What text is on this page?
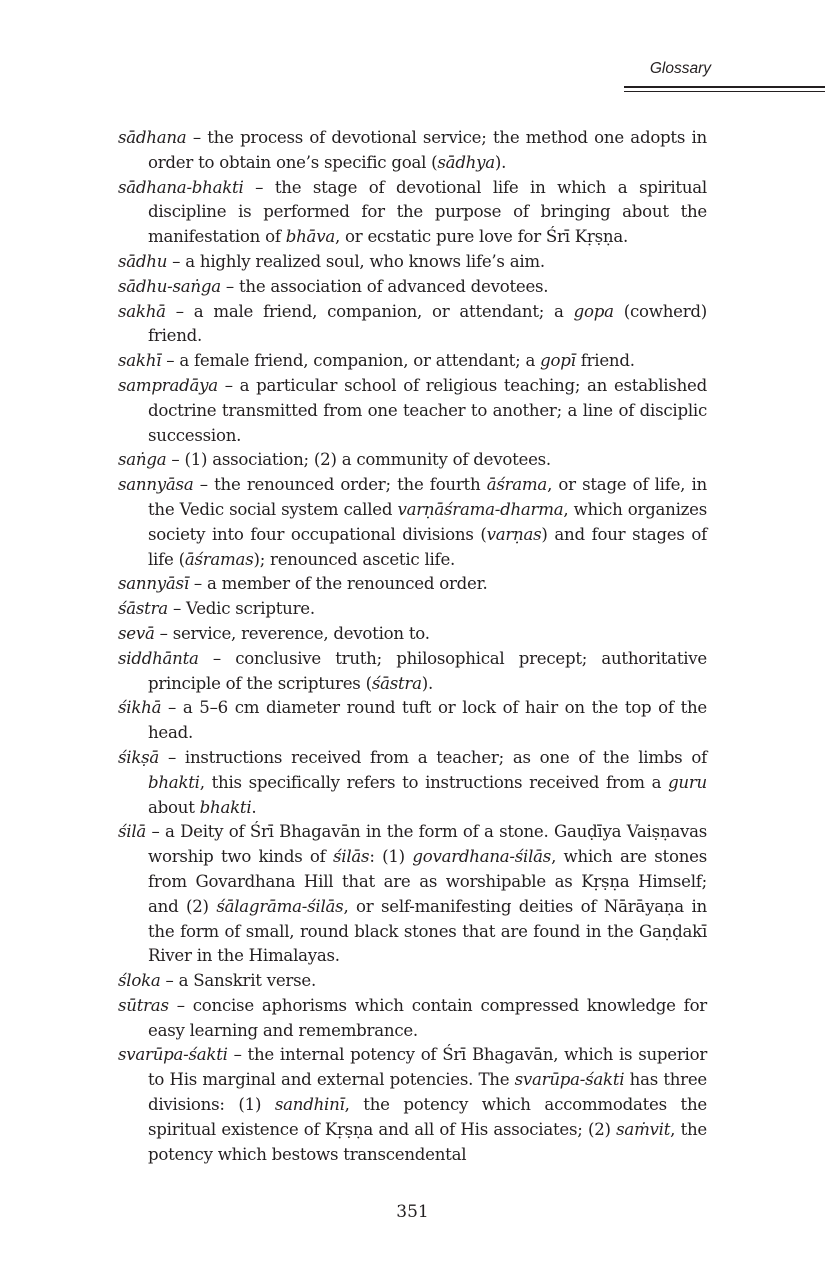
Glossary

sādhana – the process of devotional service; the method one adopts in order to obtain one’s specific goal (sādhya).

sādhana-bhakti – the stage of devotional life in which a spiritual discipline is performed for the purpose of bringing about the manifestation of bhāva, or ecstatic pure love for Śrī Kṛṣṇa.

sādhu – a highly realized soul, who knows life’s aim.

sādhu-saṅga – the association of advanced devotees.

sakhā – a male friend, companion, or attendant; a gopa (cowherd) friend.

sakhī – a female friend, companion, or attendant; a gopī friend.

sampradāya – a particular school of religious teaching; an established doctrine transmitted from one teacher to another; a line of disciplic succession.

saṅga – (1) association; (2) a community of devotees.

sannyāsa – the renounced order; the fourth āśrama, or stage of life, in the Vedic social system called varṇāśrama-dharma, which organizes society into four occupational divisions (varṇas) and four stages of life (āśramas); renounced ascetic life.

sannyāsī – a member of the renounced order.

śāstra – Vedic scripture.

sevā – service, reverence, devotion to.

siddhānta – conclusive truth; philosophical precept; authoritative principle of the scriptures (śāstra).

śikhā – a 5–6 cm diameter round tuft or lock of hair on the top of the head.

śikṣā – instructions received from a teacher; as one of the limbs of bhakti, this specifically refers to instructions received from a guru about bhakti.

śilā – a Deity of Śrī Bhagavān in the form of a stone. Gauḍīya Vaiṣṇavas worship two kinds of śilās: (1) govardhana-śilās, which are stones from Govardhana Hill that are as worshipable as Kṛṣṇa Himself; and (2) śālagrāma-śilās, or self-manifesting deities of Nārāyaṇa in the form of small, round black stones that are found in the Gaṇḍakī River in the Himalayas.

śloka – a Sanskrit verse.

sūtras – concise aphorisms which contain compressed knowledge for easy learning and remembrance.

svarūpa-śakti – the internal potency of Śrī Bhagavān, which is superior to His marginal and external potencies. The svarūpa-śakti has three divisions: (1) sandhinī, the potency which accommodates the spiritual existence of Kṛṣṇa and all of His associates; (2) saṁvit, the potency which bestows transcendental

351
